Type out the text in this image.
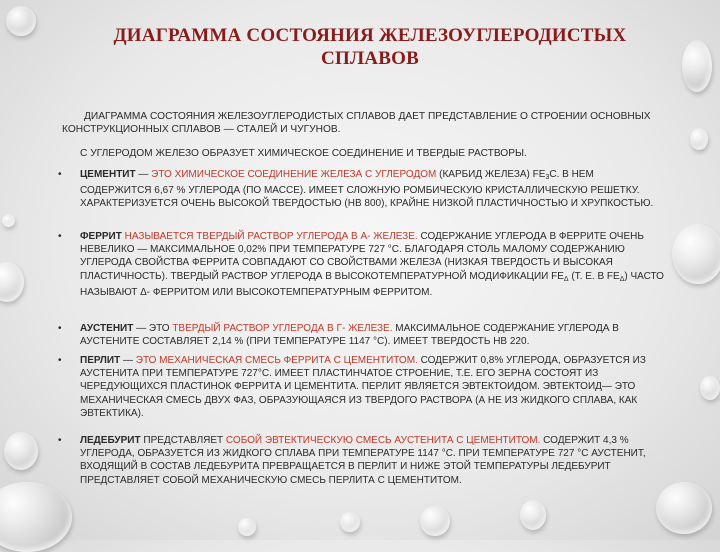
ДИАГРАММА СОСТОЯНИЯ ЖЕЛЕЗОУГЛЕРОДИСТЫХ СПЛАВОВ

ДИАГРАММА СОСТОЯНИЯ ЖЕЛЕЗОУГЛЕРОДИСТЫХ СПЛАВОВ ДАЕТ ПРЕДСТАВЛЕНИЕ О СТРОЕНИИ ОСНОВНЫХ КОНСТРУКЦИОННЫХ СПЛАВОВ — СТАЛЕЙ И ЧУГУНОВ.

С УГЛЕРОДОМ ЖЕЛЕЗО ОБРАЗУЕТ ХИМИЧЕСКОЕ СОЕДИНЕНИЕ И ТВЕРДЫЕ РАСТВОРЫ.

• ЦЕМЕНТИТ — ЭТО ХИМИЧЕСКОЕ СОЕДИНЕНИЕ ЖЕЛЕЗА С УГЛЕРОДОМ (КАРБИД ЖЕЛЕЗА) $FE_3C$. В НЕМ СОДЕРЖИТСЯ 6,67 % УГЛЕРОДА (ПО МАССЕ). ИМЕЕТ СЛОЖНУЮ РОМБИЧЕСКУЮ КРИСТАЛЛИЧЕСКУЮ РЕШЕТКУ. ХАРАКТЕРИЗУЕТСЯ ОЧЕНЬ ВЫСОКОЙ ТВЕРДОСТЬЮ (HB 800), КРАЙНЕ НИЗКОЙ ПЛАСТИЧНОСТЬЮ И ХРУПКОСТЬЮ.
• ФЕРРИТ НАЗЫВАЕТСЯ ТВЕРДЫЙ РАСТВОР УГЛЕРОДА В Α- ЖЕЛЕЗЕ. СОДЕРЖАНИЕ УГЛЕРОДА В ФЕРРИТЕ ОЧЕНЬ НЕВЕЛИКО — МАКСИМАЛЬНОЕ 0,02% ПРИ ТЕМПЕРАТУРЕ 727 °С. БЛАГОДАРЯ СТОЛЬ МАЛОМУ СОДЕРЖАНИЮ УГЛЕРОДА СВОЙСТВА ФЕРРИТА СОВПАДАЮТ СО СВОЙСТВАМИ ЖЕЛЕЗА (НИЗКАЯ ТВЕРДОСТЬ И ВЫСОКАЯ ПЛАСТИЧНОСТЬ). ТВЕРДЫЙ РАСТВОР УГЛЕРОДА В ВЫСОКОТЕМПЕРАТУРНОЙ МОДИФИКАЦИИ $FE_\Delta$ (Т. Е. В $FE_\Delta$) ЧАСТО НАЗЫВАЮТ Δ- ФЕРРИТОМ ИЛИ ВЫСОКОТЕМПЕРАТУРНЫМ ФЕРРИТОМ.
• АУСТЕНИТ — ЭТО ТВЕРДЫЙ РАСТВОР УГЛЕРОДА В Γ- ЖЕЛЕЗЕ. МАКСИМАЛЬНОЕ СОДЕРЖАНИЕ УГЛЕРОДА В АУСТЕНИТЕ СОСТАВЛЯЕТ 2,14 % (ПРИ ТЕМПЕРАТУРЕ 1147 °С). ИМЕЕТ ТВЕРДОСТЬ HB 220.
• ПЕРЛИТ — ЭТО МЕХАНИЧЕСКАЯ СМЕСЬ ФЕРРИТА С ЦЕМЕНТИТОМ. СОДЕРЖИТ 0,8% УГЛЕРОДА, ОБРАЗУЕТСЯ ИЗ АУСТЕНИТА ПРИ ТЕМПЕРАТУРЕ 727°С. ИМЕЕТ ПЛАСТИНЧАТОЕ СТРОЕНИЕ, Т.Е. ЕГО ЗЕРНА СОСТОЯТ ИЗ ЧЕРЕДУЮЩИХСЯ ПЛАСТИНОК ФЕРРИТА И ЦЕМЕНТИТА. ПЕРЛИТ ЯВЛЯЕТСЯ ЭВТЕКТОИДОМ. ЭВТЕКТОИД— ЭТО МЕХАНИЧЕСКАЯ СМЕСЬ ДВУХ ФАЗ, ОБРАЗУЮЩАЯСЯ ИЗ ТВЕРДОГО РАСТВОРА (А НЕ ИЗ ЖИДКОГО СПЛАВА, КАК ЭВТЕКТИКА).
• ЛЕДЕБУРИТ ПРЕДСТАВЛЯЕТ СОБОЙ ЭВТЕКТИЧЕСКУЮ СМЕСЬ АУСТЕНИТА С ЦЕМЕНТИТОМ. СОДЕРЖИТ 4,3 % УГЛЕРОДА, ОБРАЗУЕТСЯ ИЗ ЖИДКОГО СПЛАВА ПРИ ТЕМПЕРАТУРЕ 1147 °С. ПРИ ТЕМПЕРАТУРЕ 727 °С АУСТЕНИТ, ВХОДЯЩИЙ В СОСТАВ ЛЕДЕБУРИТА ПРЕВРАЩАЕТСЯ В ПЕРЛИТ И НИЖЕ ЭТОЙ ТЕМПЕРАТУРЫ ЛЕДЕБУРИТ ПРЕДСТАВЛЯЕТ СОБОЙ МЕХАНИЧЕСКУЮ СМЕСЬ ПЕРЛИТА С ЦЕМЕНТИТОМ.
